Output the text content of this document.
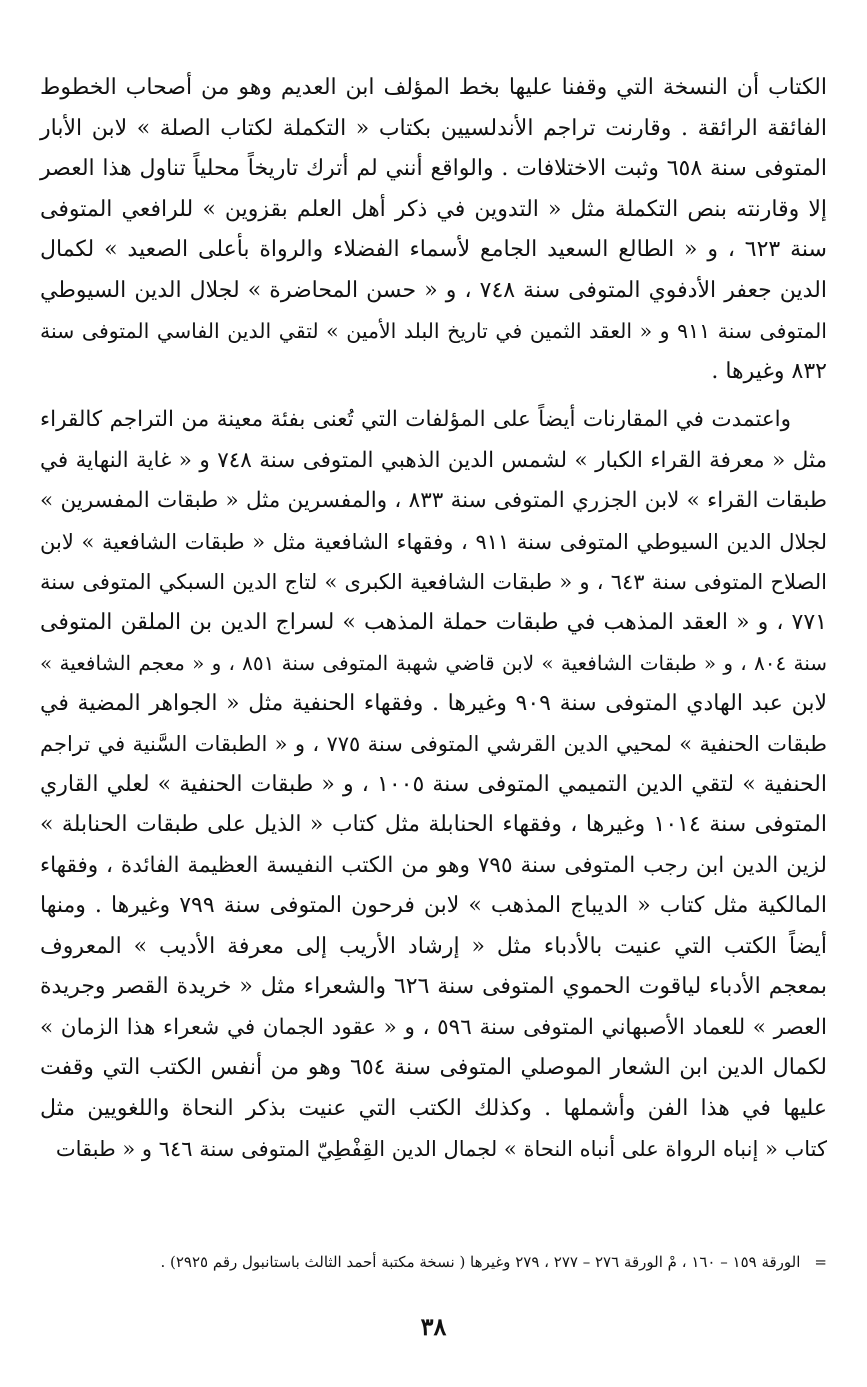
الكتاب أن النسخة التي وقفنا عليها بخط المؤلف ابن العديم وهو من أصحاب الخطوط
الفائقة الرائقة . وقارنت تراجم الأندلسيين بكتاب « التكملة لكتاب الصلة » لابن الأبار
المتوفى سنة ٦٥٨ وثبت الاختلافات . والواقع أنني لم أترك تاريخاً محلياً تناول هذا العصر
إلا وقارنته بنص التكملة مثل « التدوين في ذكر أهل العلم بقزوين » للرافعي المتوفى
سنة ٦٢٣ ، و « الطالع السعيد الجامع لأسماء الفضلاء والرواة بأعلى الصعيد » لكمال
الدين جعفر الأدفوي المتوفى سنة ٧٤٨ ، و « حسن المحاضرة » لجلال الدين السيوطي
المتوفى سنة ٩١١ و « العقد الثمين في تاريخ البلد الأمين » لتقي الدين الفاسي المتوفى سنة
٨٣٢ وغيرها .

واعتمدت في المقارنات أيضاً على المؤلفات التي تُعنى بفئة معينة من التراجم كالقراء
مثل « معرفة القراء الكبار » لشمس الدين الذهبي المتوفى سنة ٧٤٨ و « غاية النهاية في
طبقات القراء » لابن الجزري المتوفى سنة ٨٣٣ ، والمفسرين مثل « طبقات المفسرين »
لجلال الدين السيوطي المتوفى سنة ٩١١ ، وفقهاء الشافعية مثل « طبقات الشافعية » لابن
الصلاح المتوفى سنة ٦٤٣ ، و « طبقات الشافعية الكبرى » لتاج الدين السبكي المتوفى سنة
٧٧١ ، و « العقد المذهب في طبقات حملة المذهب » لسراج الدين بن الملقن المتوفى
سنة ٨٠٤ ، و « طبقات الشافعية » لابن قاضي شهبة المتوفى سنة ٨٥١ ، و « معجم الشافعية »
لابن عبد الهادي المتوفى سنة ٩٠٩ وغيرها . وفقهاء الحنفية مثل « الجواهر المضية في
طبقات الحنفية » لمحيي الدين القرشي المتوفى سنة ٧٧٥ ، و « الطبقات السَّنية في تراجم
الحنفية » لتقي الدين التميمي المتوفى سنة ١٠٠٥ ، و « طبقات الحنفية » لعلي القاري
المتوفى سنة ١٠١٤ وغيرها ، وفقهاء الحنابلة مثل كتاب « الذيل على طبقات الحنابلة »
لزين الدين ابن رجب المتوفى سنة ٧٩٥ وهو من الكتب النفيسة العظيمة الفائدة ، وفقهاء
المالكية مثل كتاب « الديباج المذهب » لابن فرحون المتوفى سنة ٧٩٩ وغيرها . ومنها
أيضاً الكتب التي عنيت بالأدباء مثل « إرشاد الأريب إلى معرفة الأديب » المعروف
بمعجم الأدباء لياقوت الحموي المتوفى سنة ٦٢٦ والشعراء مثل « خريدة القصر وجريدة
العصر » للعماد الأصبهاني المتوفى سنة ٥٩٦ ، و « عقود الجمان في شعراء هذا الزمان »
لكمال الدين ابن الشعار الموصلي المتوفى سنة ٦٥٤ وهو من أنفس الكتب التي وقفت
عليها في هذا الفن وأشملها . وكذلك الكتب التي عنيت بذكر النحاة واللغويين مثل
كتاب « إنباه الرواة على أنباه النحاة » لجمال الدين القِفْطِيّ المتوفى سنة ٦٤٦ و « طبقات

=الورقة ١٥٩ – ١٦٠ ، مْ الورقة ٢٧٦ – ٢٧٧ ، ٢٧٩ وغيرها ( نسخة مكتبة أحمد الثالث باستانبول رقم ٢٩٢٥) .
٣٨
